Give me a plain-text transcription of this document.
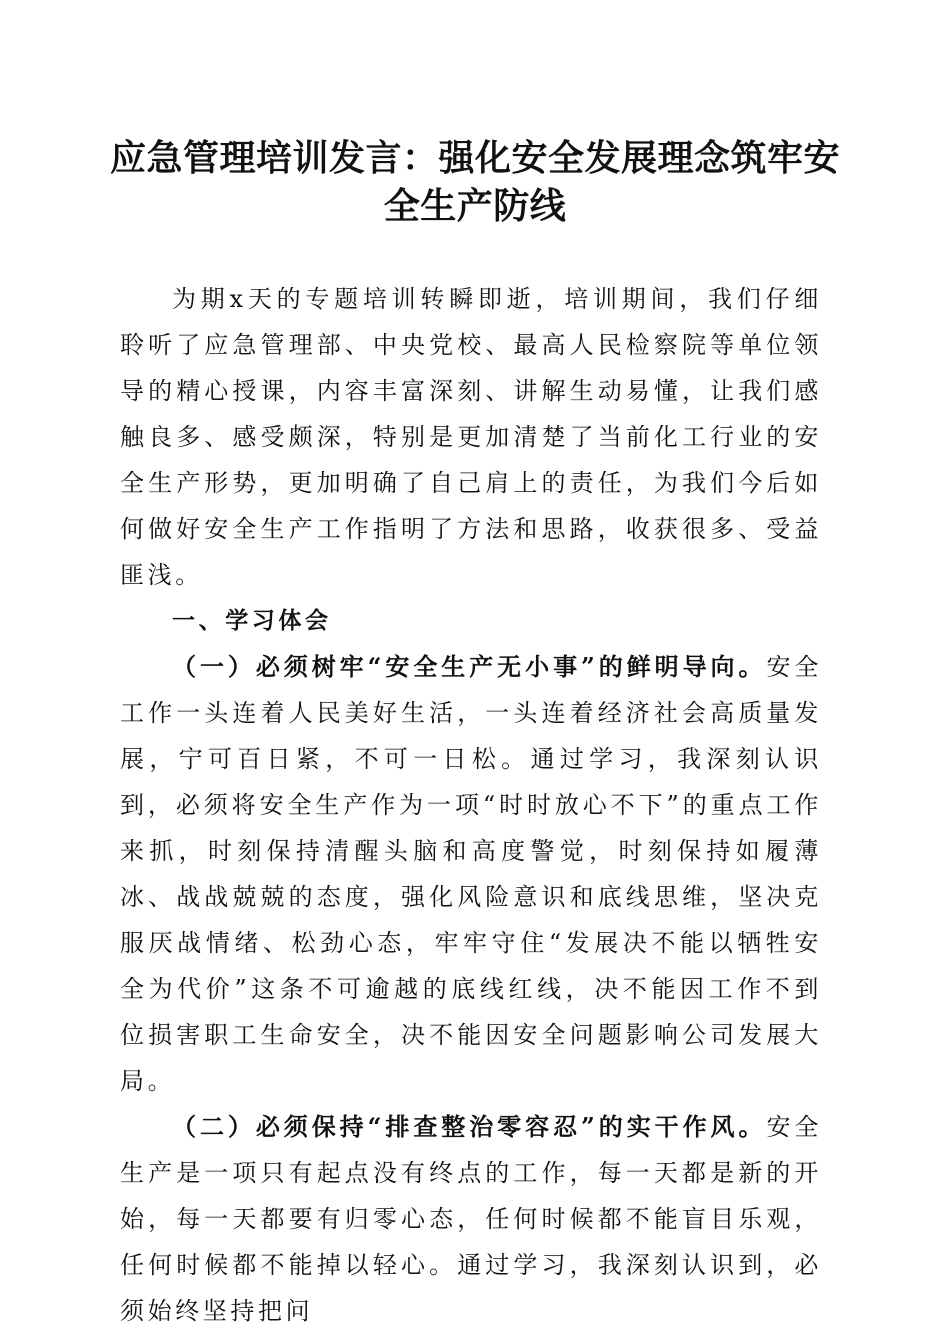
应急管理培训发言：强化安全发展理念筑牢安全生产防线

为期x天的专题培训转瞬即逝，培训期间，我们仔细聆听了应急管理部、中央党校、最高人民检察院等单位领导的精心授课，内容丰富深刻、讲解生动易懂，让我们感触良多、感受颇深，特别是更加清楚了当前化工行业的安全生产形势，更加明确了自己肩上的责任，为我们今后如何做好安全生产工作指明了方法和思路，收获很多、受益匪浅。

一、学习体会

（一）必须树牢“安全生产无小事”的鲜明导向。安全工作一头连着人民美好生活，一头连着经济社会高质量发展，宁可百日紧，不可一日松。通过学习，我深刻认识到，必须将安全生产作为一项“时时放心不下”的重点工作来抓，时刻保持清醒头脑和高度警觉，时刻保持如履薄冰、战战兢兢的态度，强化风险意识和底线思维，坚决克服厌战情绪、松劲心态，牢牢守住“发展决不能以牺牲安全为代价”这条不可逾越的底线红线，决不能因工作不到位损害职工生命安全，决不能因安全问题影响公司发展大局。

（二）必须保持“排查整治零容忍”的实干作风。安全生产是一项只有起点没有终点的工作，每一天都是新的开始，每一天都要有归零心态，任何时候都不能盲目乐观，任何时候都不能掉以轻心。通过学习，我深刻认识到，必须始终坚持把问
